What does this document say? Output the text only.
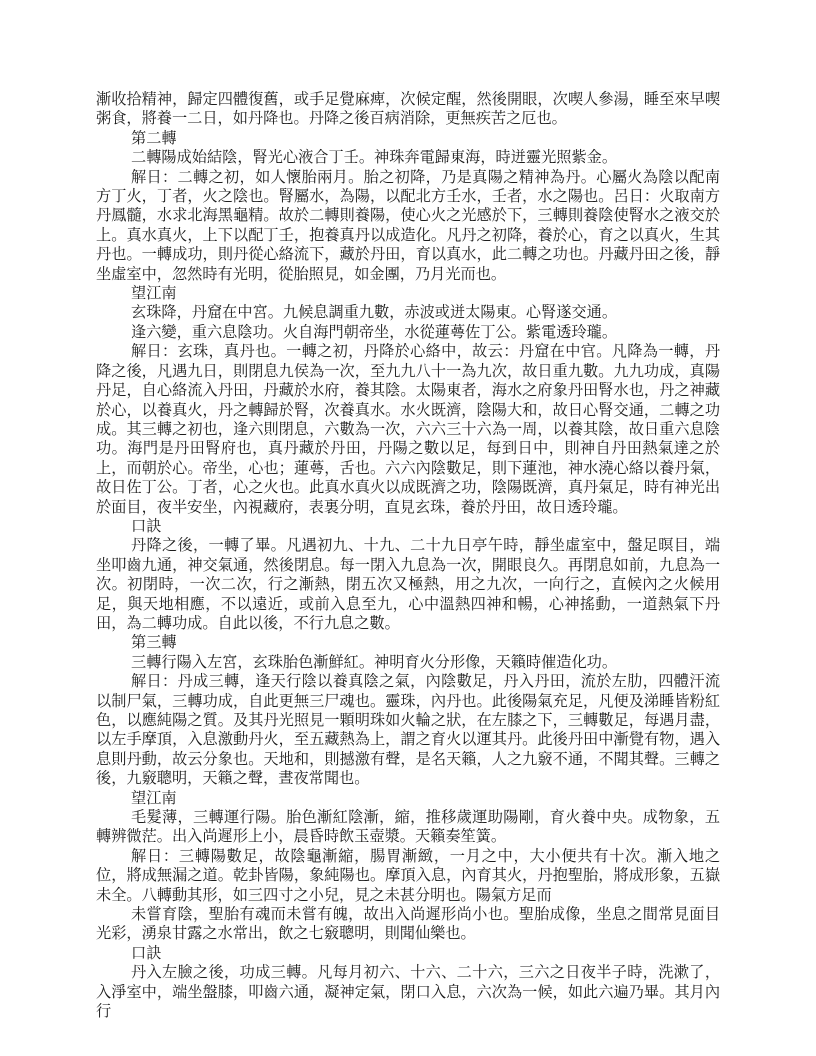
漸收拾精神，歸定四體復舊，或手足覺麻痺，次候定醒，然後開眼，次喫人參湯，睡至來早喫粥食，將養一二日，如丹降也。丹降之後百病消除，更無疾苦之厄也。

第二轉

二轉陽成始結陰，腎光心液合丁壬。神珠奔電歸東海，時迸靈光照紫金。

解日：二轉之初，如人懷胎兩月。胎之初降，乃是真陽之精神為丹。心屬火為陰以配南方丁火，丁者，火之陰也。腎屬水，為陽，以配北方壬水，壬者，水之陽也。呂日：火取南方丹鳳髓，水求北海黑龜精。故於二轉則養陽，使心火之光感於下，三轉則養陰使腎水之液交於上。真水真火，上下以配丁壬，抱養真丹以成造化。凡丹之初降，養於心，育之以真火，生其丹也。一轉成功，則丹從心絡流下，藏於丹田，育以真水，此二轉之功也。丹藏丹田之後，靜坐虛室中，忽然時有光明，從胎照見，如金團，乃月光而也。

望江南

玄珠降，丹窟在中宮。九候息調重九數，赤波或迸太陽東。心腎遂交通。

逢六變，重六息陰功。火自海門朝帝坐，水從蓮蕚佐丁公。紫電透玲瓏。

解日：玄珠，真丹也。一轉之初，丹降於心絡中，故云：丹窟在中官。凡降為一轉，丹降之後，凡遇九日，則閉息九侯為一次，至九九八十一為九次，故日重九數。九九功成，真陽丹足，自心絡流入丹田，丹藏於水府，養其陰。太陽東者，海水之府象丹田腎水也，丹之神藏於心，以養真火，丹之轉歸於腎，次養真水。水火既濟，陰陽大和，故日心腎交通，二轉之功成。其三轉之初也，逢六則閉息，六數為一次，六六三十六為一周，以養其陰，故日重六息陰功。海門是丹田腎府也，真丹藏於丹田，丹陽之數以足，每到日中，則神自丹田熱氣達之於上，而朝於心。帝坐，心也；蓮蕚，舌也。六六內陰數足，則下蓮池，神水澆心絡以養丹氣，故日佐丁公。丁者，心之火也。此真水真火以成既濟之功，陰陽既濟，真丹氣足，時有神光出於面目，夜半安坐，內視藏府，表裏分明，直見玄珠，養於丹田，故日透玲瓏。

口訣

丹降之後，一轉了畢。凡遇初九、十九、二十九日亭午時，靜坐虛室中，盤足暝目，端坐叩齒九通，神交氣通，然後閉息。每一閉入九息為一次，開眼良久。再閉息如前，九息為一次。初閉時，一次二次，行之漸熱，閉五次又極熱，用之九次，一向行之，直候內之火候用足，與天地相應，不以遠近，或前入息至九，心中溫熱四神和暢，心神搖動，一道熱氣下丹田，為二轉功成。自此以後，不行九息之數。

第三轉

三轉行陽入左宮，玄珠胎色漸鮮紅。神明育火分形像，天籟時催造化功。

解日：丹成三轉，逢天行陰以養真陰之氣，內陰數足，丹入丹田，流於左肋，四體汗流以制尸氣，三轉功成，自此更無三尸魂也。靈珠，內丹也。此後陽氣充足，凡便及涕睡皆粉紅色，以應純陽之質。及其丹光照見一顆明珠如火輪之狀，在左膝之下，三轉數足，每遇月盡，以左手摩頂，入息激動丹火，至五藏熱為上，謂之育火以運其丹。此後丹田中漸覺有物，遇入息則丹動，故云分象也。天地和，則撼激有聲，是名天籟，人之九竅不通，不聞其聲。三轉之後，九竅聰明，天籟之聲，晝夜常聞也。

望江南

毛髮薄，三轉運行陽。胎色漸紅陰漸，縮，推移歲運助陽剛，育火養中央。成物象，五轉辨微茫。出入尚遲形上小，晨昏時飲玉壺漿。天籟奏笙簧。

解日：三轉陽數足，故陰龜漸縮，腸胃漸緻，一月之中，大小便共有十次。漸入地之位，將成無漏之道。乾卦皆陽，象純陽也。摩頂入息，內育其火，丹抱聖胎，將成形象，五嶽未全。八轉動其形，如三四寸之小兒，見之未甚分明也。陽氣方足而

未嘗育陰，聖胎有魂而未嘗有魄，故出入尚遲形尚小也。聖胎成像，坐息之間常見面目光彩，湧泉甘露之水常出，飲之七竅聰明，則聞仙樂也。

口訣

丹入左臉之後，功成三轉。凡每月初六、十六、二十六，三六之日夜半子時，洗漱了，入淨室中，端坐盤膝，叩齒六通，凝神定氣，閉口入息，六次為一候，如此六遍乃畢。其月內行
